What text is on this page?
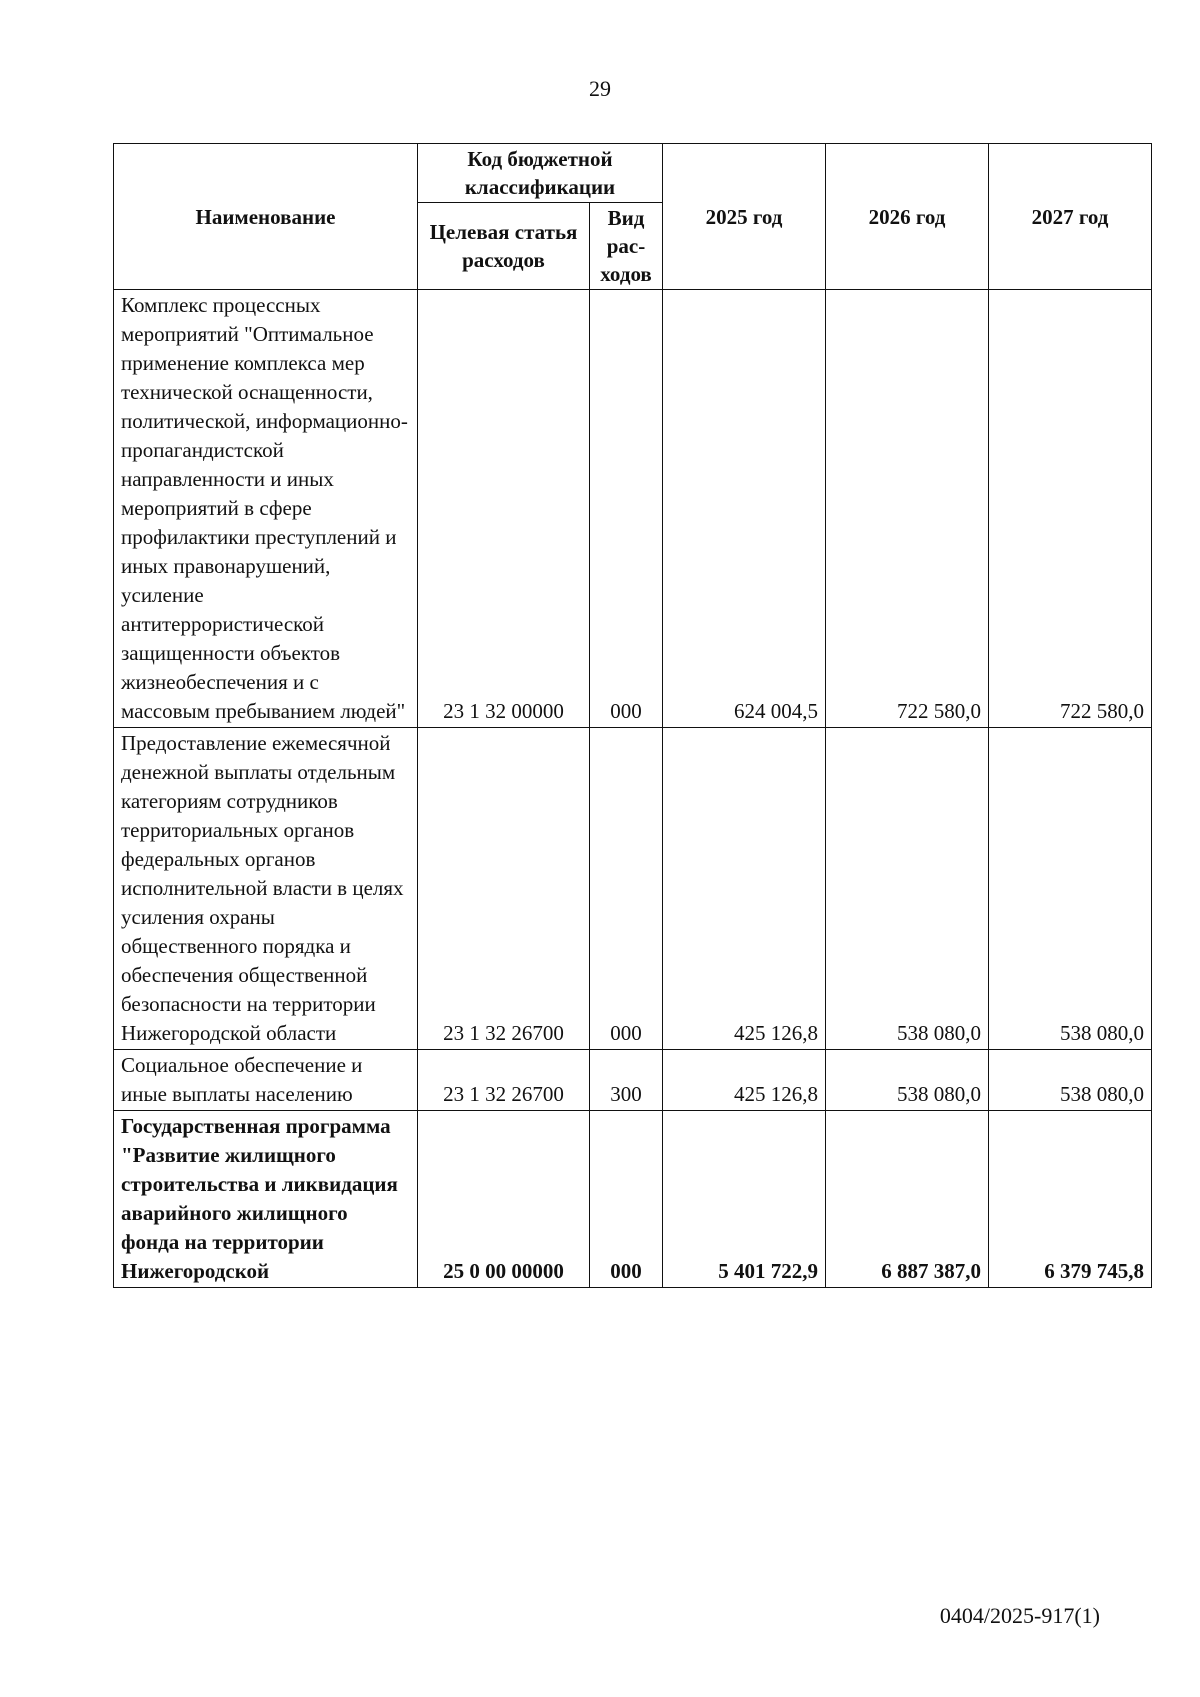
29
Наименование	Код бюджетной классификации		2025 год	2026 год	2027 год
	Целевая статья расходов	Вид рас-ходов			
Комплекс процессных мероприятий "Оптимальное применение комплекса мер технической оснащенности, политической, информационно-пропагандистской направленности и иных мероприятий в сфере профилактики преступлений и иных правонарушений, усиление антитеррористической защищенности объектов жизнеобеспечения и с массовым пребыванием людей"	23 1 32 00000	000	624 004,5	722 580,0	722 580,0
Предоставление ежемесячной денежной выплаты отдельным категориям сотрудников территориальных органов федеральных органов исполнительной власти в целях усиления охраны общественного порядка и обеспечения общественной безопасности на территории Нижегородской области	23 1 32 26700	000	425 126,8	538 080,0	538 080,0
Социальное обеспечение и иные выплаты населению	23 1 32 26700	300	425 126,8	538 080,0	538 080,0
Государственная программа "Развитие жилищного строительства и ликвидация аварийного жилищного фонда на территории Нижегородской	25 0 00 00000	000	5 401 722,9	6 887 387,0	6 379 745,8
0404/2025-917(1)
